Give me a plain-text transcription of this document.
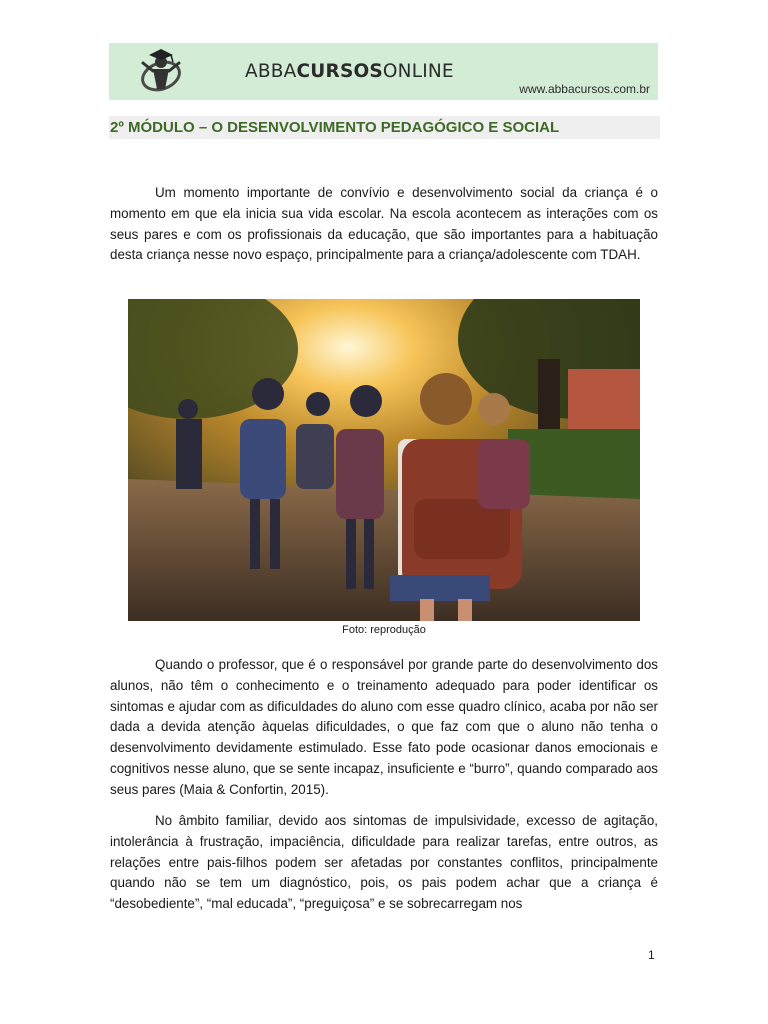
ABBACURSOSONLINE
www.abbacursos.com.br
2º MÓDULO – O DESENVOLVIMENTO PEDAGÓGICO E SOCIAL

Um momento importante de convívio e desenvolvimento social da criança é o momento em que ela inicia sua vida escolar. Na escola acontecem as interações com os seus pares e com os profissionais da educação, que são importantes para a habituação desta criança nesse novo espaço, principalmente para a criança/adolescente com TDAH.

Foto: reprodução

Quando o professor, que é o responsável por grande parte do desenvolvimento dos alunos, não têm o conhecimento e o treinamento adequado para poder identificar os sintomas e ajudar com as dificuldades do aluno com esse quadro clínico, acaba por não ser dada a devida atenção àquelas dificuldades, o que faz com que o aluno não tenha o desenvolvimento devidamente estimulado. Esse fato pode ocasionar danos emocionais e cognitivos nesse aluno, que se sente incapaz, insuficiente e “burro”, quando comparado aos seus pares (Maia & Confortin, 2015).

No âmbito familiar, devido aos sintomas de impulsividade, excesso de agitação, intolerância à frustração, impaciência, dificuldade para realizar tarefas, entre outros, as relações entre pais-filhos podem ser afetadas por constantes conflitos, principalmente quando não se tem um diagnóstico, pois, os pais podem achar que a criança é “desobediente”, “mal educada”, “preguiçosa” e se sobrecarregam nos

1
